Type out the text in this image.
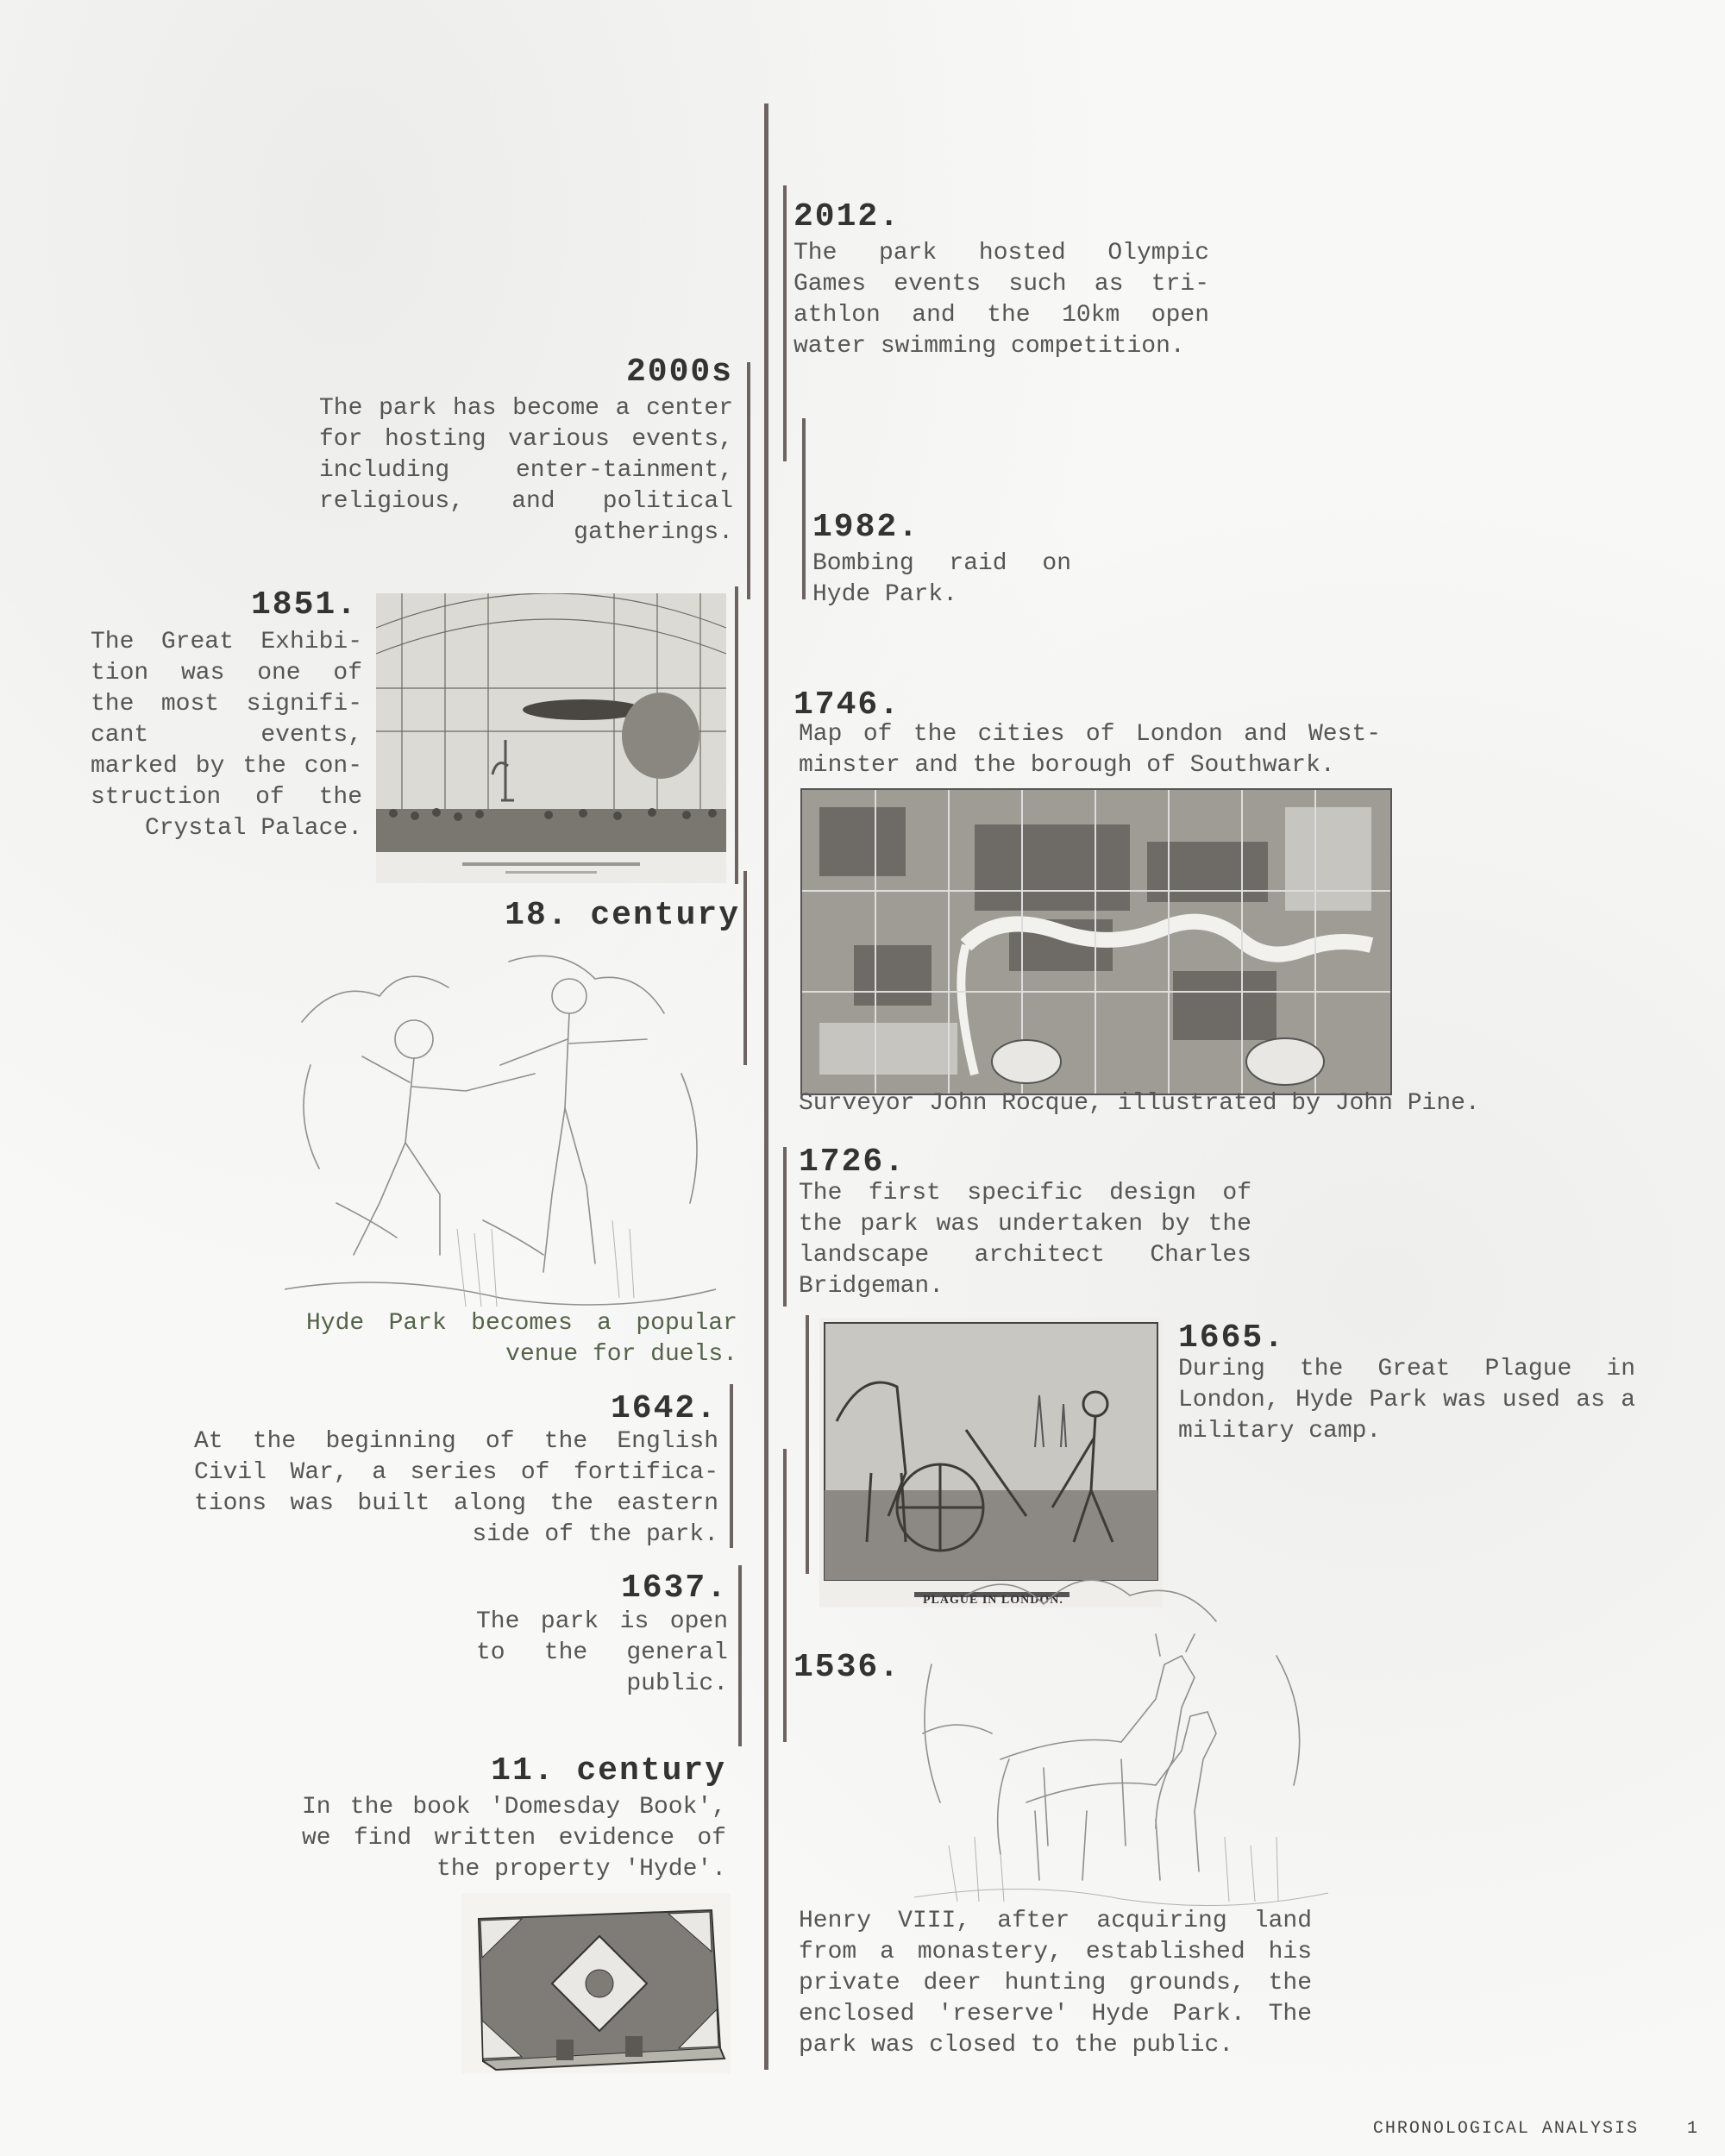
2012.
The park hosted Olympic Games events such as tri-athlon and the 10km open water swimming competition.
2000s
The park has become a center for hosting various events, including enter-tainment, religious, and political gatherings. 1982.
Bombing raid on Hyde Park.
1851.
The Great Exhibi-tion was one of the most signifi-cant events, marked by the con-struction of the Crystal Palace.
1746.
Map of the cities of London and West-minster and the borough of Southwark.
Surveyor John Rocque, illustrated by John Pine.
18. century
Hyde Park becomes a popular venue for duels.
1726.
The first specific design of the park was undertaken by the landscape architect Charles Bridgeman.
PLAGUE IN LONDON.
1665.
During the Great Plague in London, Hyde Park was used as a military camp.
1642.
At the beginning of the English Civil War, a series of fortifica-tions was built along the eastern side of the park.
1637.
The park is open to the general public. 1536.
Henry VIII, after acquiring land from a monastery, established his private deer hunting grounds, the enclosed 'reserve' Hyde Park. The park was closed to the public.
11. century
In the book 'Domesday Book', we find written evidence of the property 'Hyde'.
CHRONOLOGICAL ANALYSIS	1
